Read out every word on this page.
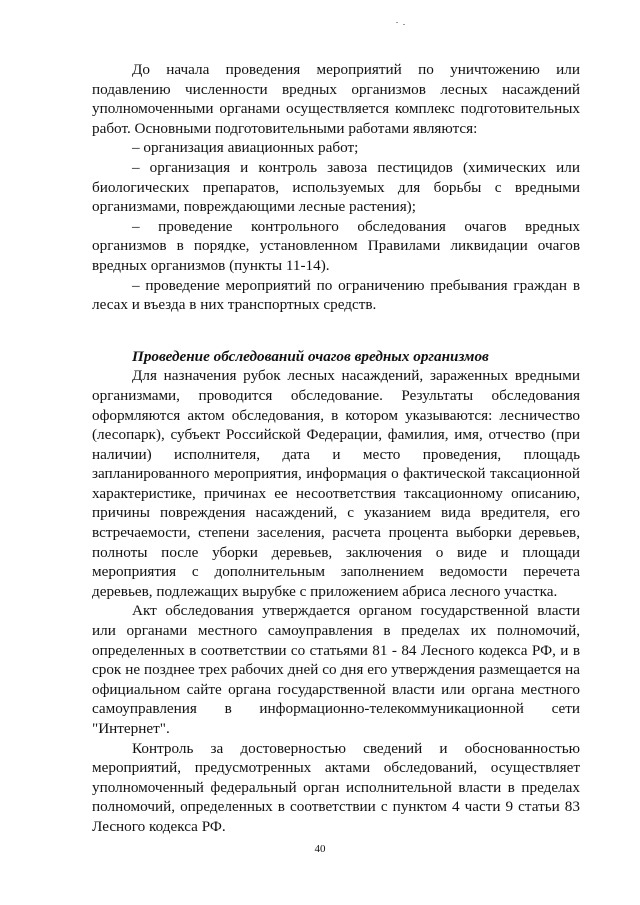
До начала проведения мероприятий по уничтожению или подавлению численности вредных организмов лесных насаждений уполномоченными органами осуществляется комплекс подготовительных работ. Основными подготовительными работами являются:

– организация авиационных работ;

– организация и контроль завоза пестицидов (химических или биологических препаратов, используемых для борьбы с вредными организмами, повреждающими лесные растения);

– проведение контрольного обследования очагов вредных организмов в порядке, установленном Правилами ликвидации очагов вредных организмов (пункты 11-14).

– проведение мероприятий по ограничению пребывания граждан в лесах и въезда в них транспортных средств.

Проведение обследований очагов вредных организмов

Для назначения рубок лесных насаждений, зараженных вредными организмами, проводится обследование. Результаты обследования оформляются актом обследования, в котором указываются: лесничество (лесопарк), субъект Российской Федерации, фамилия, имя, отчество (при наличии) исполнителя, дата и место проведения, площадь запланированного мероприятия, информация о фактической таксационной характеристике, причинах ее несоответствия таксационному описанию, причины повреждения насаждений, с указанием вида вредителя, его встречаемости, степени заселения, расчета процента выборки деревьев, полноты после уборки деревьев, заключения о виде и площади мероприятия с дополнительным заполнением ведомости перечета деревьев, подлежащих вырубке с приложением абриса лесного участка.

Акт обследования утверждается органом государственной власти или органами местного самоуправления в пределах их полномочий, определенных в соответствии со статьями 81 - 84 Лесного кодекса РФ, и в срок не позднее трех рабочих дней со дня его утверждения размещается на официальном сайте органа государственной власти или органа местного самоуправления в информационно-телекоммуникационной сети "Интернет".

Контроль за достоверностью сведений и обоснованностью мероприятий, предусмотренных актами обследований, осуществляет уполномоченный федеральный орган исполнительной власти в пределах полномочий, определенных в соответствии с пунктом 4 части 9 статьи 83 Лесного кодекса РФ.

40
